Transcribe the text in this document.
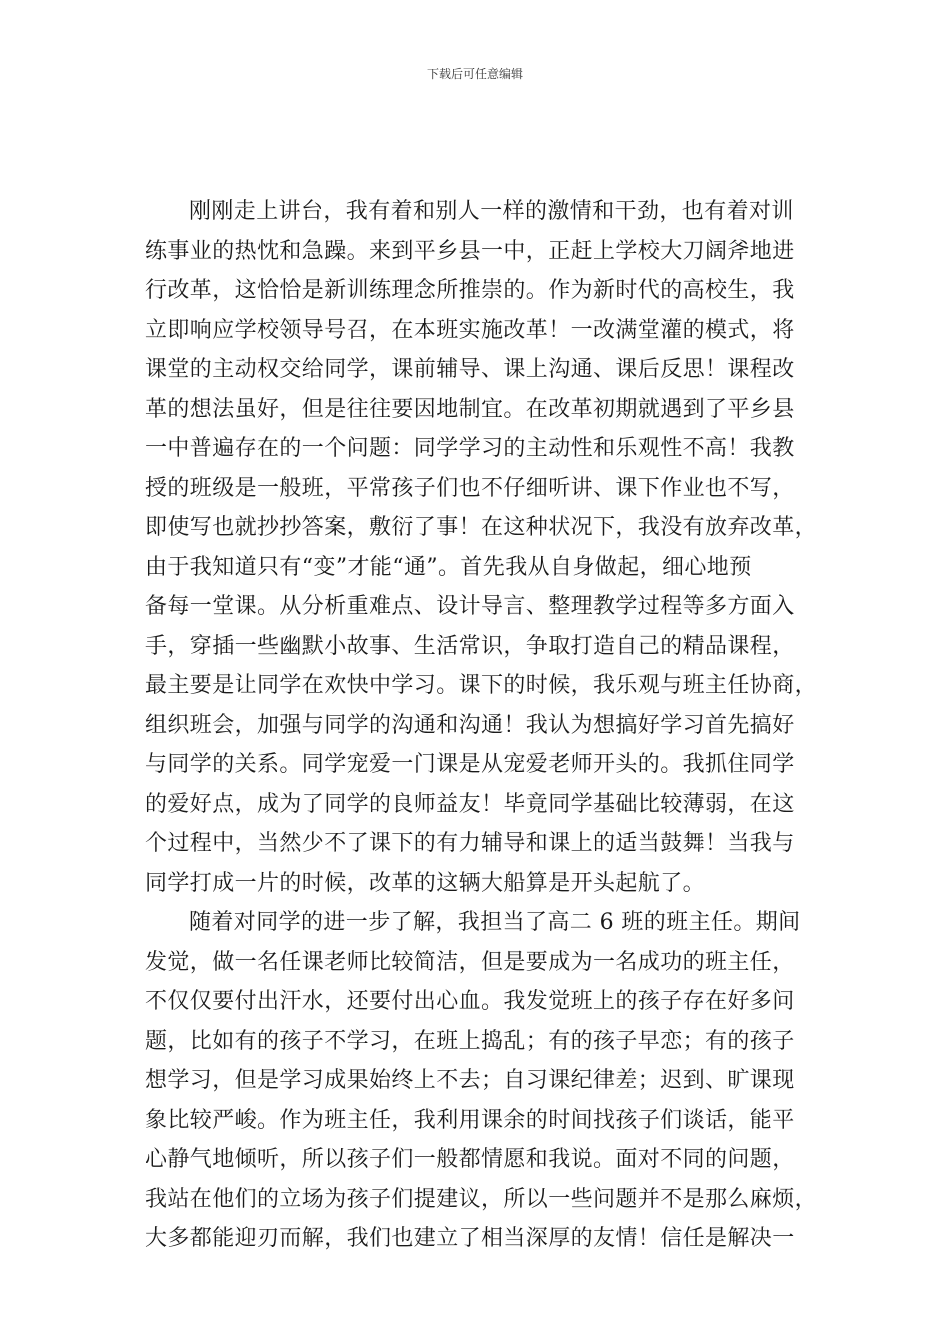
下载后可任意编辑
刚刚走上讲台，我有着和别人一样的激情和干劲，也有着对训
练事业的热忱和急躁。来到平乡县一中，正赶上学校大刀阔斧地进
行改革，这恰恰是新训练理念所推崇的。作为新时代的高校生，我
立即响应学校领导号召，在本班实施改革！一改满堂灌的模式，将
课堂的主动权交给同学，课前辅导、课上沟通、课后反思！课程改
革的想法虽好，但是往往要因地制宜。在改革初期就遇到了平乡县
一中普遍存在的一个问题：同学学习的主动性和乐观性不高！我教
授的班级是一般班，平常孩子们也不仔细听讲、课下作业也不写，
即使写也就抄抄答案，敷衍了事！在这种状况下，我没有放弃改革，
由于我知道只有“变”才能“通”。首先我从自身做起，细心地预
备每一堂课。从分析重难点、设计导言、整理教学过程等多方面入
手，穿插一些幽默小故事、生活常识，争取打造自己的精品课程，
最主要是让同学在欢快中学习。课下的时候，我乐观与班主任协商，
组织班会，加强与同学的沟通和沟通！我认为想搞好学习首先搞好
与同学的关系。同学宠爱一门课是从宠爱老师开头的。我抓住同学
的爱好点，成为了同学的良师益友！毕竟同学基础比较薄弱，在这
个过程中，当然少不了课下的有力辅导和课上的适当鼓舞！当我与
同学打成一片的时候，改革的这辆大船算是开头起航了。
随着对同学的进一步了解，我担当了高二 6 班的班主任。期间
发觉，做一名任课老师比较简洁，但是要成为一名成功的班主任，
不仅仅要付出汗水，还要付出心血。我发觉班上的孩子存在好多问
题，比如有的孩子不学习，在班上捣乱；有的孩子早恋；有的孩子
想学习，但是学习成果始终上不去；自习课纪律差；迟到、旷课现
象比较严峻。作为班主任，我利用课余的时间找孩子们谈话，能平
心静气地倾听，所以孩子们一般都情愿和我说。面对不同的问题，
我站在他们的立场为孩子们提建议，所以一些问题并不是那么麻烦，
大多都能迎刃而解，我们也建立了相当深厚的友情！信任是解决一
